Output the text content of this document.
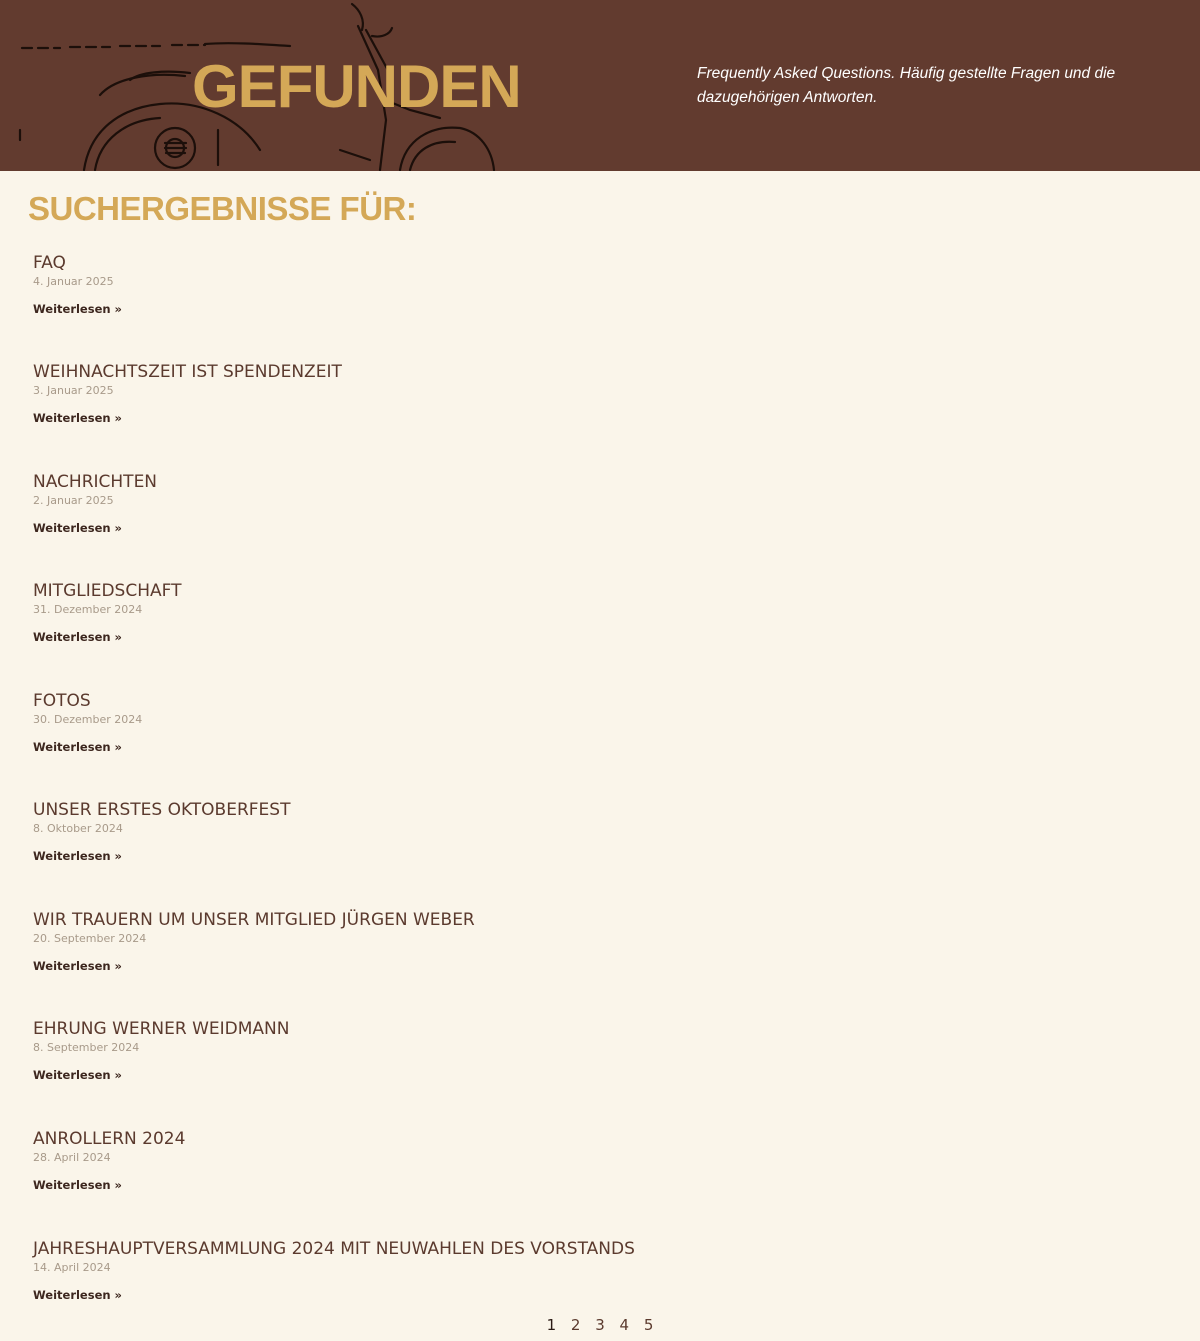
GEFUNDEN	Frequently Asked Questions. Häufig gestellte Fragen und die dazugehörigen Antworten.

SUCHERGEBNISSE FÜR:
FAQ

4. Januar 2025

Weiterlesen »
WEIHNACHTSZEIT IST SPENDENZEIT

3. Januar 2025

Weiterlesen »
NACHRICHTEN

2. Januar 2025

Weiterlesen »
MITGLIEDSCHAFT

31. Dezember 2024

Weiterlesen »
FOTOS

30. Dezember 2024

Weiterlesen »
UNSER ERSTES OKTOBERFEST

8. Oktober 2024

Weiterlesen »
WIR TRAUERN UM UNSER MITGLIED JÜRGEN WEBER

20. September 2024

Weiterlesen »
EHRUNG WERNER WEIDMANN

8. September 2024

Weiterlesen »
ANROLLERN 2024

28. April 2024

Weiterlesen »
JAHRESHAUPTVERSAMMLUNG 2024 MIT NEUWAHLEN DES VORSTANDS

14. April 2024

Weiterlesen »
1 2 3 4 5
